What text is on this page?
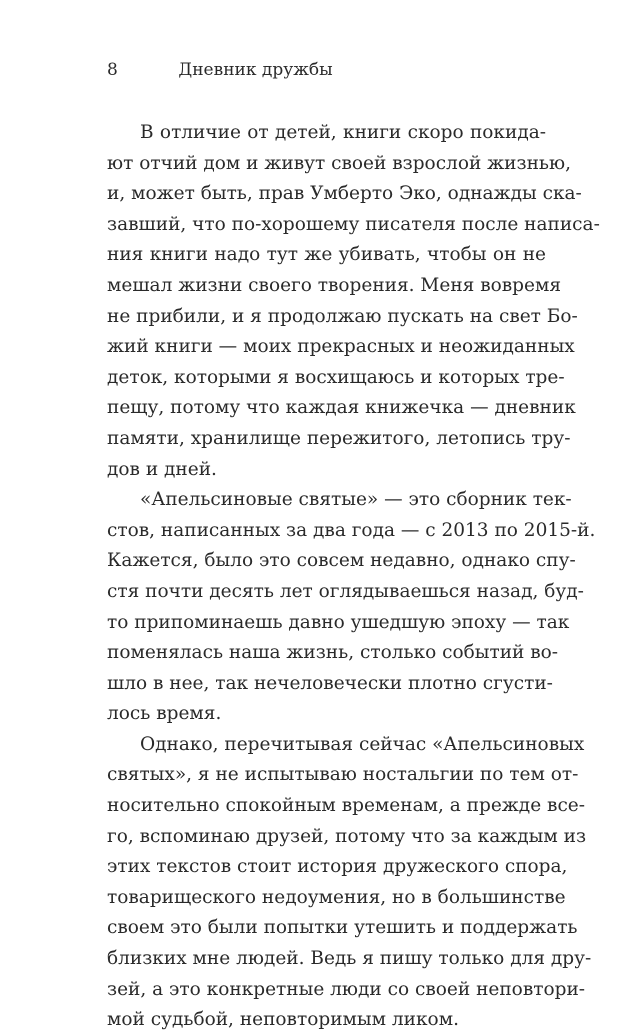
8	Дневник дружбы
В отличие от детей, книги скоро покида-
ют отчий дом и живут своей взрослой жизнью,
и, может быть, прав Умберто Эко, однажды ска-
завший, что по-хорошему писателя после написа-
ния книги надо тут же убивать, чтобы он не
мешал жизни своего творения. Меня вовремя
не прибили, и я продолжаю пускать на свет Бо-
жий книги — моих прекрасных и неожиданных
деток, которыми я восхищаюсь и которых тре-
пещу, потому что каждая книжечка — дневник
памяти, хранилище пережитого, летопись тру-
дов и дней.
«Апельсиновые святые» — это сборник тек-
стов, написанных за два года — с 2013 по 2015-й.
Кажется, было это совсем недавно, однако спу-
стя почти десять лет оглядываешься назад, буд-
то припоминаешь давно ушедшую эпоху — так
поменялась наша жизнь, столько событий во-
шло в нее, так нечеловечески плотно сгусти-
лось время.
Однако, перечитывая сейчас «Апельсиновых
святых», я не испытываю ностальгии по тем от-
носительно спокойным временам, а прежде все-
го, вспоминаю друзей, потому что за каждым из
этих текстов стоит история дружеского спора,
товарищеского недоумения, но в большинстве
своем это были попытки утешить и поддержать
близких мне людей. Ведь я пишу только для дру-
зей, а это конкретные люди со своей неповтори-
мой судьбой, неповторимым ликом.
